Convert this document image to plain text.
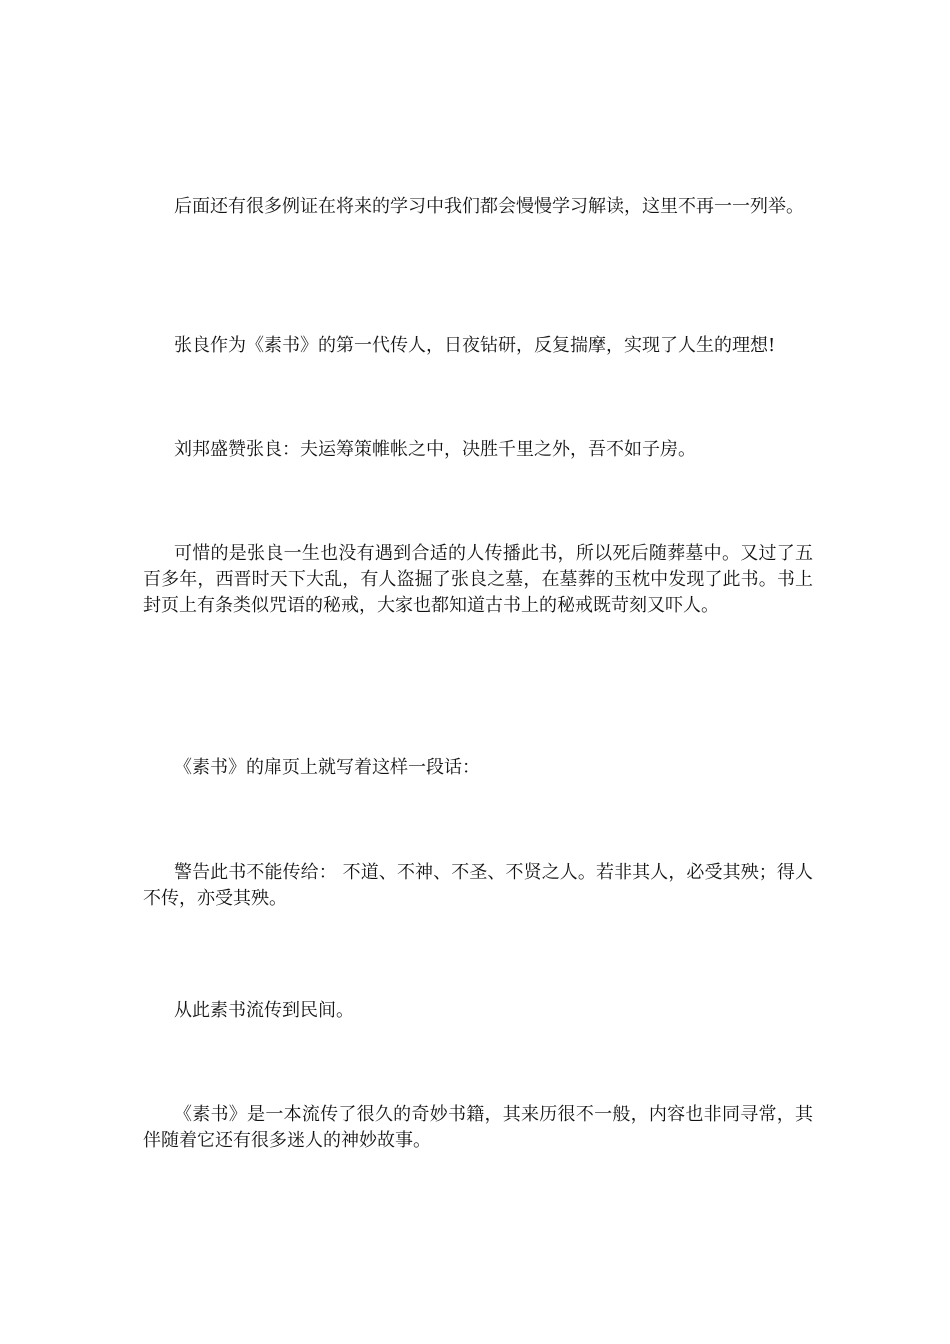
后面还有很多例证在将来的学习中我们都会慢慢学习解读，这里不再一一列举。

张良作为《素书》的第一代传人，日夜钻研，反复揣摩，实现了人生的理想!

刘邦盛赞张良：夫运筹策帷帐之中，决胜千里之外，吾不如子房。

可惜的是张良一生也没有遇到合适的人传播此书，所以死后随葬墓中。又过了五百多年，西晋时天下大乱，有人盗掘了张良之墓，在墓葬的玉枕中发现了此书。书上封页上有条类似咒语的秘戒，大家也都知道古书上的秘戒既苛刻又吓人。

《素书》的扉页上就写着这样一段话：

警告此书不能传给： 不道、不神、不圣、不贤之人。若非其人，必受其殃；得人不传，亦受其殃。

从此素书流传到民间。

《素书》是一本流传了很久的奇妙书籍，其来历很不一般，内容也非同寻常，其伴随着它还有很多迷人的神妙故事。
